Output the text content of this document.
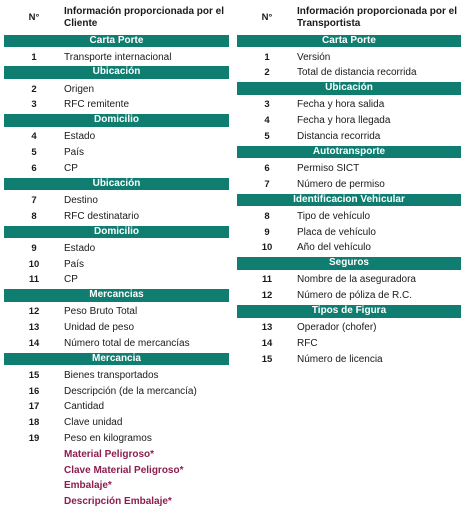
N°
Información proporcionada por el Cliente
Carta Porte
1	Transporte internacional
Ubicación
2	Origen
3	RFC remitente
Domicilio
4	Estado
5	País
6	CP
Ubicación
7	Destino
8	RFC destinatario
Domicilio
9	Estado
10	País
11	CP
Mercancias
12	Peso Bruto Total
13	Unidad de peso
14	Número total de mercancías
Mercancia
15	Bienes transportados
16	Descripción (de la mercancía)
17	Cantidad
18	Clave unidad
19	Peso en kilogramos
Material Peligroso*
Clave Material Peligroso*
Embalaje*
Descripción Embalaje*
N°
Información proporcionada por el Transportista
Carta Porte
1	Versión
2	Total de distancia recorrida
Ubicación
3	Fecha y hora salida
4	Fecha y hora llegada
5	Distancia recorrida
Autotransporte
6	Permiso SICT
7	Número de permiso
Identificacion Vehicular
8	Tipo de vehículo
9	Placa de vehículo
10	Año del vehículo
Seguros
11	Nombre de la aseguradora
12	Número de póliza de R.C.
Tipos de Figura
13	Operador (chofer)
14	RFC
15	Número de licencia
